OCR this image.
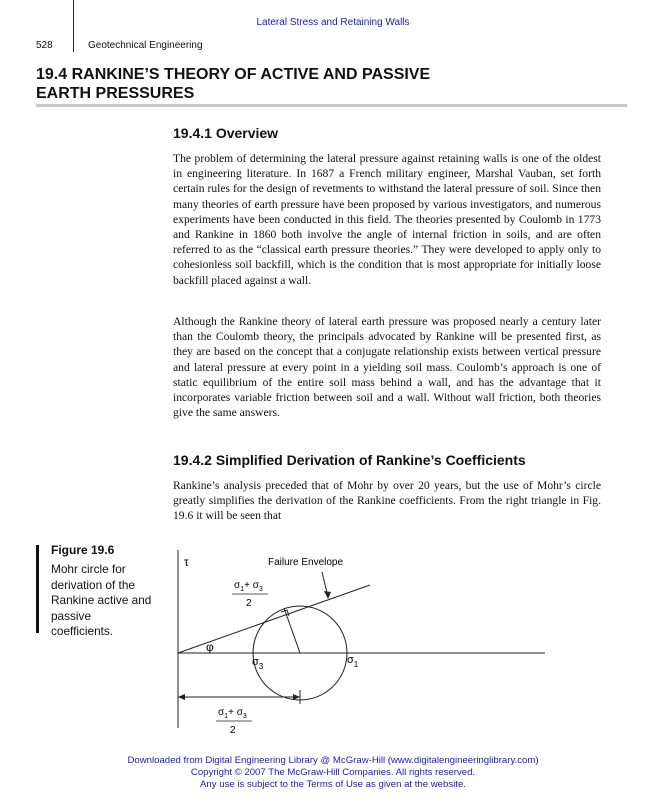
Lateral Stress and Retaining Walls
528	Geotechnical Engineering
19.4 RANKINE’S THEORY OF ACTIVE AND PASSIVE
EARTH PRESSURES
19.4.1 Overview
The problem of determining the lateral pressure against retaining walls is one of the oldest in engineering literature. In 1687 a French military engineer, Marshal Vauban, set forth certain rules for the design of revetments to withstand the lateral pressure of soil. Since then many theories of earth pressure have been proposed by various investigators, and numerous experiments have been conducted in this field. The theories presented by Coulomb in 1773 and Rankine in 1860 both involve the angle of internal friction in soils, and are often referred to as the “classical earth pressure theories.” They were developed to apply only to cohesionless soil backfill, which is the condition that is most appropriate for initially loose backfill placed against a wall.
Although the Rankine theory of lateral earth pressure was proposed nearly a century later than the Coulomb theory, the principals advocated by Rankine will be presented first, as they are based on the concept that a conjugate relationship exists between vertical pressure and lateral pressure at every point in a yielding soil mass. Coulomb’s approach is one of static equilibrium of the entire soil mass behind a wall, and has the advantage that it incorporates variable friction between soil and a wall. Without wall friction, both theories give the same answers.
19.4.2 Simplified Derivation of Rankine’s Coefficients
Rankine’s analysis preceded that of Mohr by over 20 years, but the use of Mohr’s circle greatly simplifies the derivation of the Rankine coefficients. From the right triangle in Fig. 19.6 it will be seen that
Figure 19.6
Mohr circle for derivation of the Rankine active and passive coefficients.
τ	Failure Envelope
φ
$\sigma_3$
$\sigma_1$
$\sigma_1+ \sigma_3$
2
$\sigma_1+ \sigma_3$
2
Downloaded from Digital Engineering Library @ McGraw-Hill (www.digitalengineeringlibrary.com)
Copyright © 2007 The McGraw-Hill Companies. All rights reserved.
Any use is subject to the Terms of Use as given at the website.
